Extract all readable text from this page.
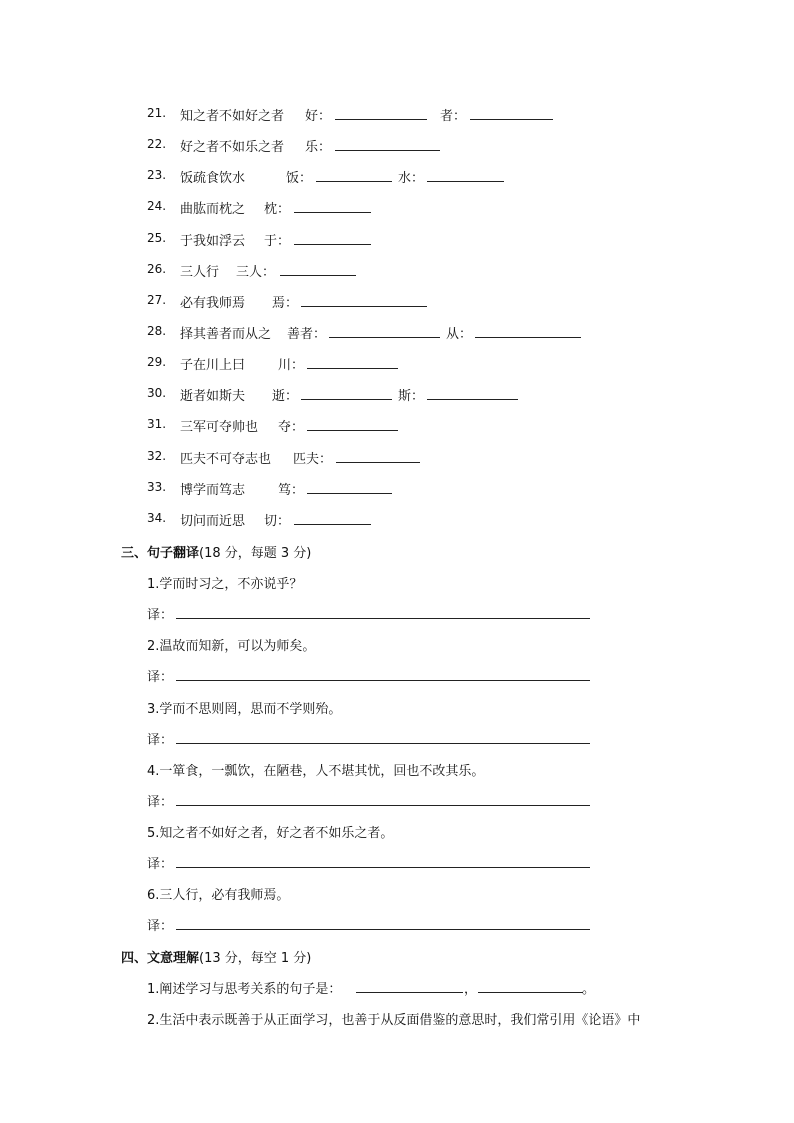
21.	知之者不如好之者 好：	者：
22.	好之者不如乐之者 乐：
23.	饭疏食饮水	饭：	水：
24.	曲肱而枕之 枕：
25.	于我如浮云 于：
26.	三人行 三人：
27.	必有我师焉 焉：
28.	择其善者而从之 善者：	从：
29.	子在川上曰	川：
30.	逝者如斯夫 逝：	斯：
31.	三军可夺帅也 夺：
32.	匹夫不可夺志也 匹夫：
33.	博学而笃志	笃：
34.	切问而近思 切：
三、句子翻译(18 分，每题 3 分)
1.学而时习之，不亦说乎？
译：
2.温故而知新，可以为师矣。
译：
3.学而不思则罔，思而不学则殆。
译：
4.一箪食，一瓢饮，在陋巷，人不堪其忧，回也不改其乐。
译：
5.知之者不如好之者，好之者不如乐之者。
译：
6.三人行，必有我师焉。
译：
四、文意理解(13 分，每空 1 分)
1.阐述学习与思考关系的句子是：	，	。
2.生活中表示既善于从正面学习，也善于从反面借鉴的意思时，我们常引用《论语》中
